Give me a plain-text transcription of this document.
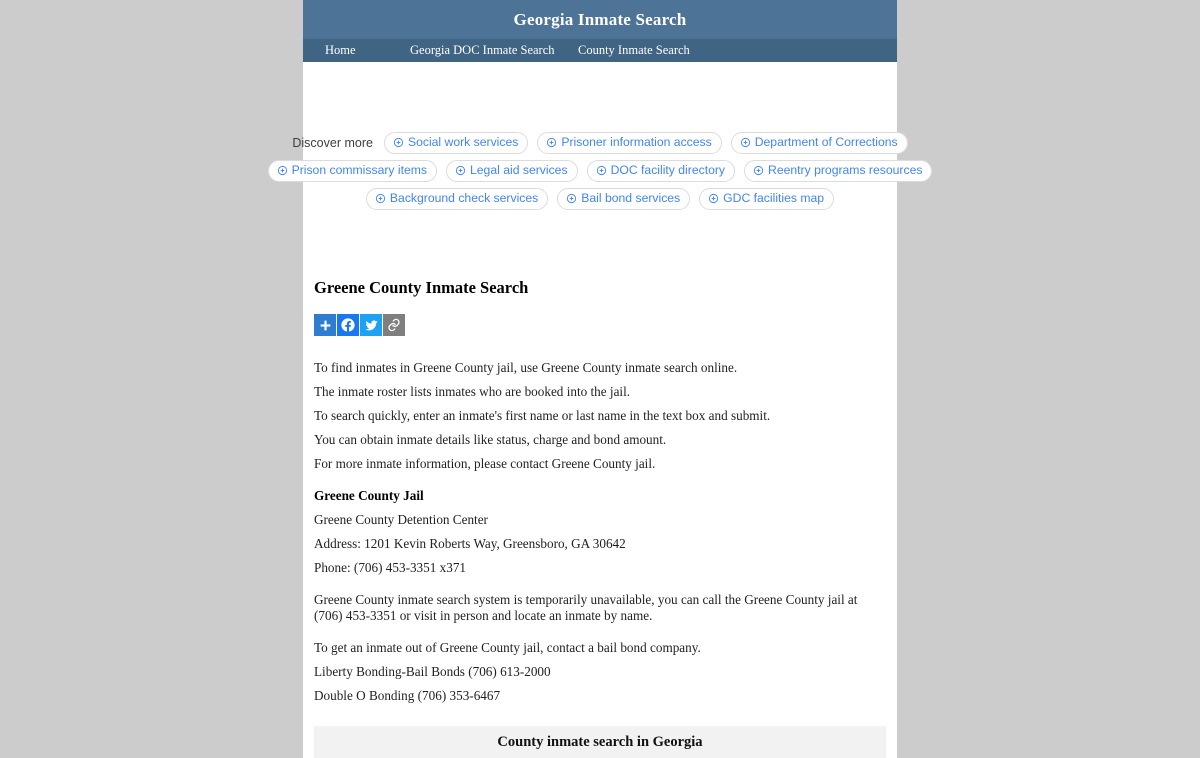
Georgia Inmate Search
Home	Georgia DOC Inmate Search	County Inmate Search
Discover more	Social work services	Prisoner information access	Department of Corrections
Prison commissary items	Legal aid services	DOC facility directory	Reentry programs resources
Background check services	Bail bond services	GDC facilities map
Greene County Inmate Search
To find inmates in Greene County jail, use Greene County inmate search online.
The inmate roster lists inmates who are booked into the jail.
To search quickly, enter an inmate's first name or last name in the text box and submit.
You can obtain inmate details like status, charge and bond amount.
For more inmate information, please contact Greene County jail.
Greene County Jail
Greene County Detention Center
Address: 1201 Kevin Roberts Way, Greensboro, GA 30642
Phone: (706) 453-3351 x371

Greene County inmate search system is temporarily unavailable, you can call the Greene County jail at (706) 453-3351 or visit in person and locate an inmate by name.

To get an inmate out of Greene County jail, contact a bail bond company.
Liberty Bonding-Bail Bonds (706) 613-2000
Double O Bonding (706) 353-6467
County inmate search in Georgia
